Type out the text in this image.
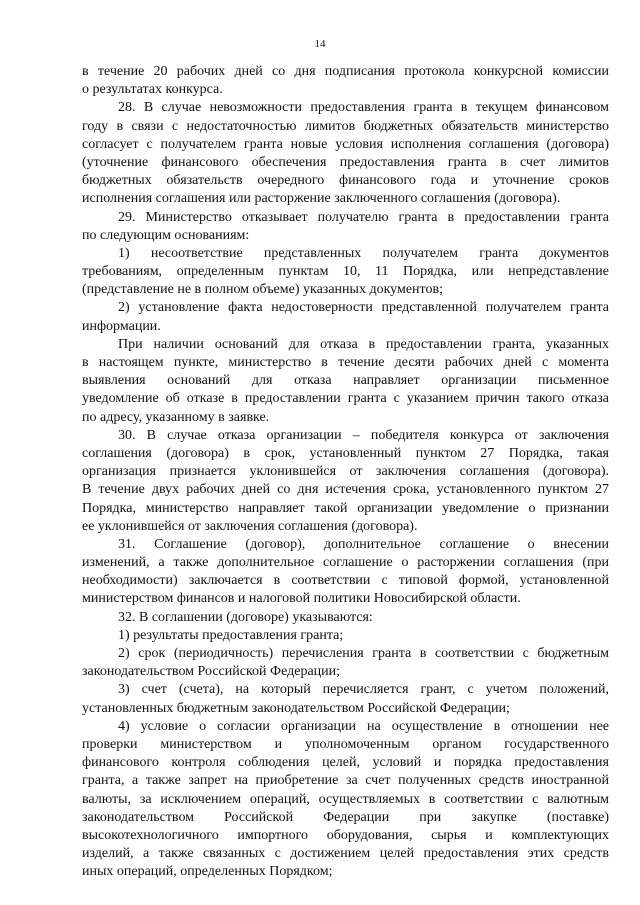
14
в течение 20 рабочих дней со дня подписания протокола конкурсной комиссии
о результатах конкурса.
28. В случае невозможности предоставления гранта в текущем финансовом
году в связи с недостаточностью лимитов бюджетных обязательств министерство
согласует с получателем гранта новые условия исполнения соглашения (договора)
(уточнение финансового обеспечения предоставления гранта в счет лимитов
бюджетных обязательств очередного финансового года и уточнение сроков
исполнения соглашения или расторжение заключенного соглашения (договора).
29. Министерство отказывает получателю гранта в предоставлении гранта
по следующим основаниям:
1) несоответствие представленных получателем гранта документов
требованиям, определенным пунктам 10, 11 Порядка, или непредставление
(представление не в полном объеме) указанных документов;
2) установление факта недостоверности представленной получателем гранта
информации.
При наличии оснований для отказа в предоставлении гранта, указанных
в настоящем пункте, министерство в течение десяти рабочих дней с момента
выявления оснований для отказа направляет организации письменное
уведомление об отказе в предоставлении гранта с указанием причин такого отказа
по адресу, указанному в заявке.
30. В случае отказа организации – победителя конкурса от заключения
соглашения (договора) в срок, установленный пунктом 27 Порядка, такая
организация признается уклонившейся от заключения соглашения (договора).
В течение двух рабочих дней со дня истечения срока, установленного пунктом 27
Порядка, министерство направляет такой организации уведомление о признании
ее уклонившейся от заключения соглашения (договора).
31. Соглашение (договор), дополнительное соглашение о внесении
изменений, а также дополнительное соглашение о расторжении соглашения (при
необходимости) заключается в соответствии с типовой формой, установленной
министерством финансов и налоговой политики Новосибирской области.
32. В соглашении (договоре) указываются:
1) результаты предоставления гранта;
2) срок (периодичность) перечисления гранта в соответствии с бюджетным
законодательством Российской Федерации;
3) счет (счета), на который перечисляется грант, с учетом положений,
установленных бюджетным законодательством Российской Федерации;
4) условие о согласии организации на осуществление в отношении нее
проверки министерством и уполномоченным органом государственного
финансового контроля соблюдения целей, условий и порядка предоставления
гранта, а также запрет на приобретение за счет полученных средств иностранной
валюты, за исключением операций, осуществляемых в соответствии с валютным
законодательством Российской Федерации при закупке (поставке)
высокотехнологичного импортного оборудования, сырья и комплектующих
изделий, а также связанных с достижением целей предоставления этих средств
иных операций, определенных Порядком;
